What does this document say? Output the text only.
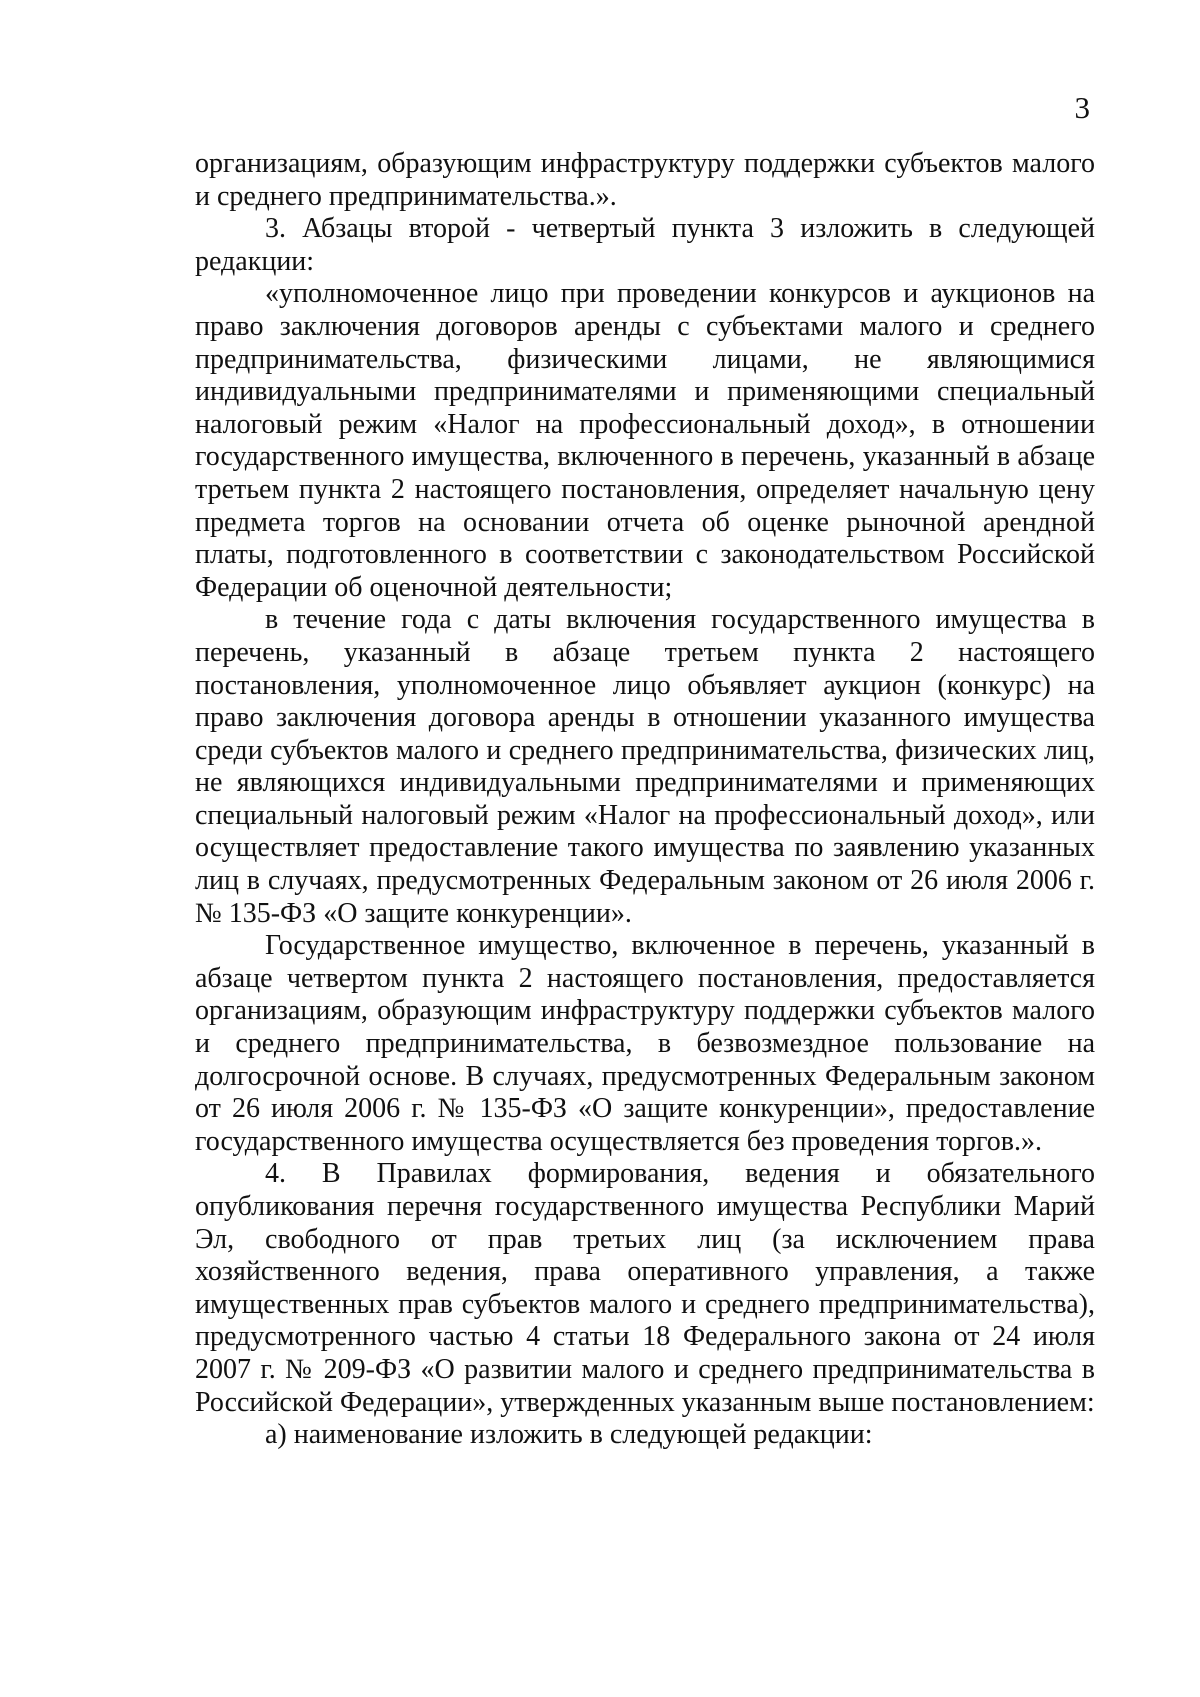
3

организациям, образующим инфраструктуру поддержки субъектов малого и среднего предпринимательства.».

3. Абзацы второй - четвертый пункта 3 изложить в следующей редакции:

«уполномоченное лицо при проведении конкурсов и аукционов на право заключения договоров аренды с субъектами малого и среднего предпринимательства, физическими лицами, не являющимися индивидуальными предпринимателями и применяющими специальный налоговый режим «Налог на профессиональный доход», в отношении государственного имущества, включенного в перечень, указанный в абзаце третьем пункта 2 настоящего постановления, определяет начальную цену предмета торгов на основании отчета об оценке рыночной арендной платы, подготовленного в соответствии с законодательством Российской Федерации об оценочной деятельности;

в течение года с даты включения государственного имущества в перечень, указанный в абзаце третьем пункта 2 настоящего постановления, уполномоченное лицо объявляет аукцион (конкурс) на право заключения договора аренды в отношении указанного имущества среди субъектов малого и среднего предпринимательства, физических лиц, не являющихся индивидуальными предпринимателями и применяющих специальный налоговый режим «Налог на профессиональный доход», или осуществляет предоставление такого имущества по заявлению указанных лиц в случаях, предусмотренных Федеральным законом от 26 июля 2006 г. № 135-ФЗ «О защите конкуренции».

Государственное имущество, включенное в перечень, указанный в абзаце четвертом пункта 2 настоящего постановления, предоставляется организациям, образующим инфраструктуру поддержки субъектов малого и среднего предпринимательства, в безвозмездное пользование на долгосрочной основе. В случаях, предусмотренных Федеральным законом от 26 июля 2006 г. № 135-ФЗ «О защите конкуренции», предоставление государственного имущества осуществляется без проведения торгов.».

4. В Правилах формирования, ведения и обязательного опубликования перечня государственного имущества Республики Марий Эл, свободного от прав третьих лиц (за исключением права хозяйственного ведения, права оперативного управления, а также имущественных прав субъектов малого и среднего предпринимательства), предусмотренного частью 4 статьи 18 Федерального закона от 24 июля 2007 г. № 209-ФЗ «О развитии малого и среднего предпринимательства в Российской Федерации», утвержденных указанным выше постановлением:

а) наименование изложить в следующей редакции:
